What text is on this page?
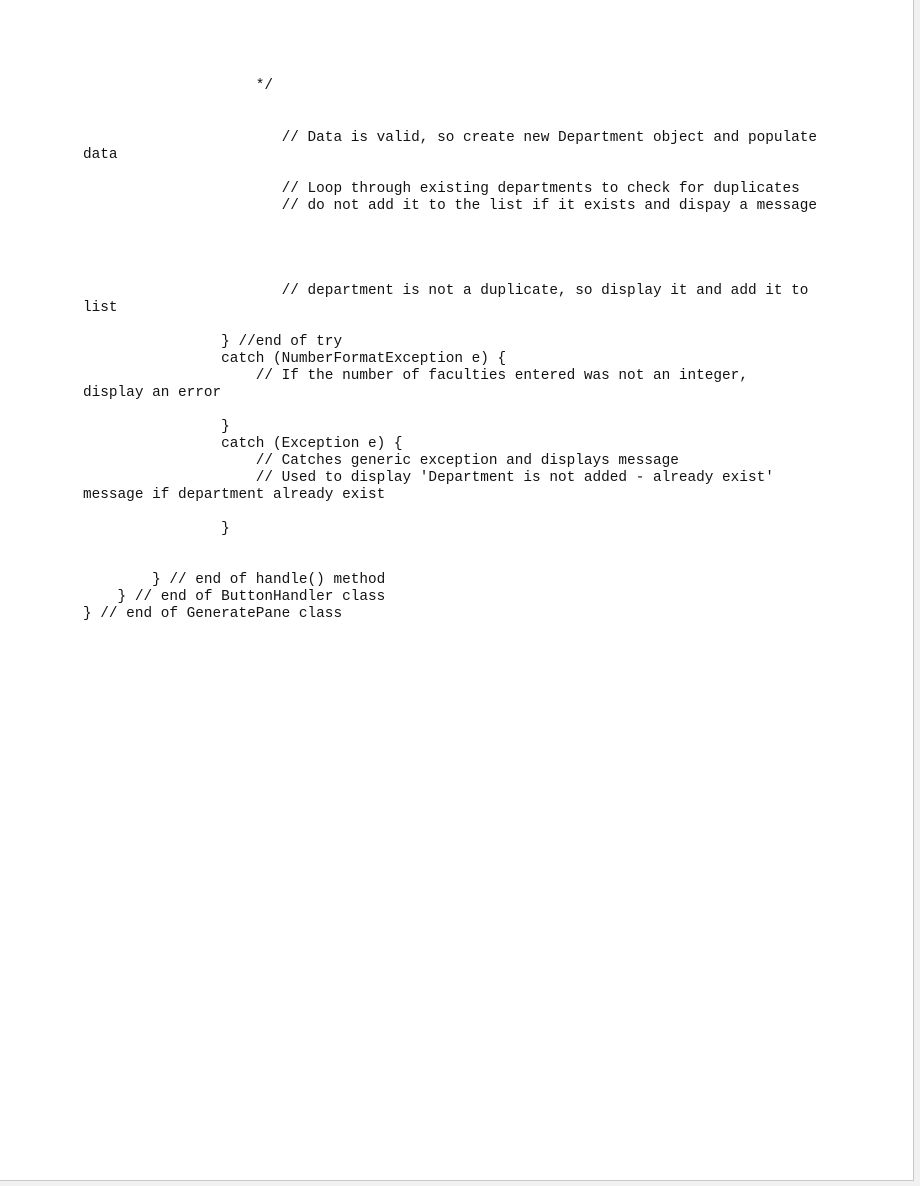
*/
// Data is valid, so create new Department object and populate
data
// Loop through existing departments to check for duplicates
// do not add it to the list if it exists and dispay a message
// department is not a duplicate, so display it and add it to
list
} //end of try
catch (NumberFormatException e) {
// If the number of faculties entered was not an integer,
display an error
}
catch (Exception e) {
// Catches generic exception and displays message
// Used to display 'Department is not added - already exist'
message if department already exist
}
} // end of handle() method
} // end of ButtonHandler class
} // end of GeneratePane class
